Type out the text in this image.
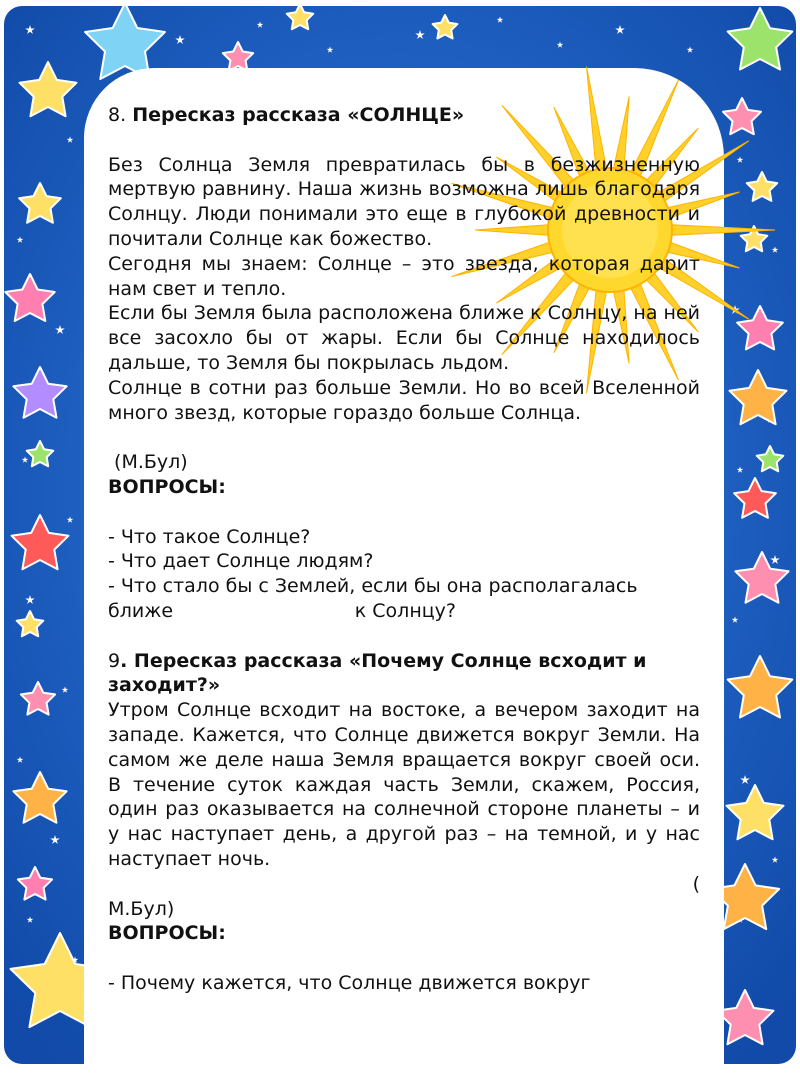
8. Пересказ рассказа «СОЛНЦЕ»

Без Солнца Земля превратилась бы в безжизненную мертвую равнину. Наша жизнь возможна лишь благодаря Солнцу. Люди понимали это еще в глубокой древности и почитали Солнце как божество.

Сегодня мы знаем: Солнце – это звезда, которая дарит нам свет и тепло.

Если бы Земля была расположена ближе к Солнцу, на ней все засохло бы от жары. Если бы Солнце находилось дальше, то Земля бы покрылась льдом.

Солнце в сотни раз больше Земли. Но во всей Вселенной много звезд, которые гораздо больше Солнца.

(М.Бул)

ВОПРОСЫ:

- Что такое Солнце?

- Что дает Солнце людям?

- Что стало бы с Землей, если бы она располагалась

ближе	к Солнцу?

9. Пересказ рассказа «Почему Солнце всходит и заходит?»

Утром Солнце всходит на востоке, а вечером заходит на западе. Кажется, что Солнце движется вокруг Земли. На самом же деле наша Земля вращается вокруг своей оси. В течение суток каждая часть Земли, скажем, Россия, один раз оказывается на солнечной стороне планеты – и у нас наступает день, а другой раз – на темной, и у нас наступает ночь.

(

М.Бул)

ВОПРОСЫ:

- Почему кажется, что Солнце движется вокруг
